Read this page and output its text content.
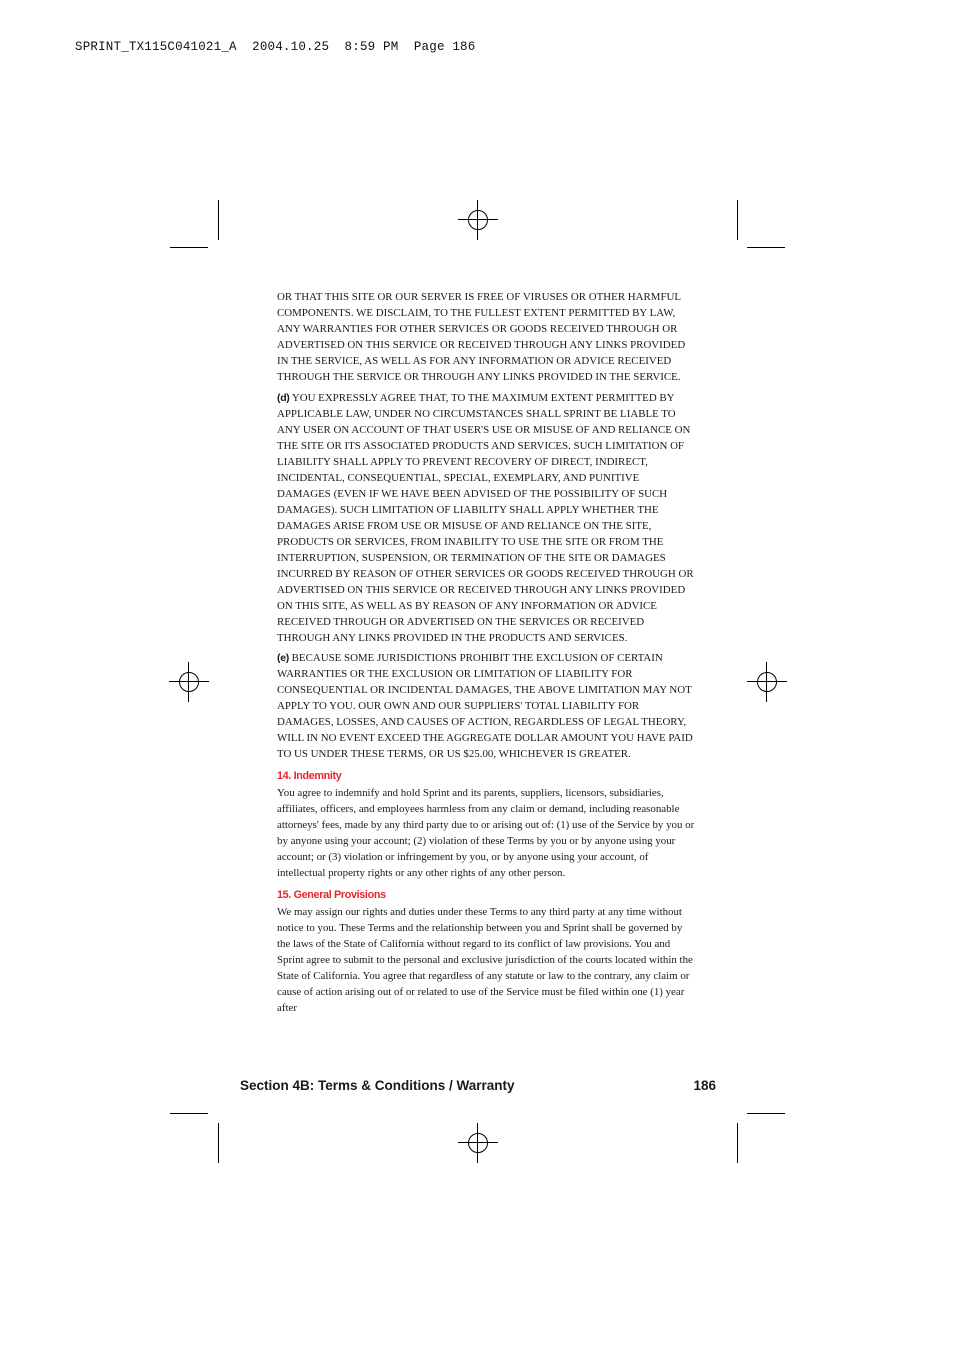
SPRINT_TX115C041021_A  2004.10.25  8:59 PM  Page 186

OR THAT THIS SITE OR OUR SERVER IS FREE OF VIRUSES OR OTHER HARMFUL COMPONENTS. WE DISCLAIM, TO THE FULLEST EXTENT PERMITTED BY LAW, ANY WARRANTIES FOR OTHER SERVICES OR GOODS RECEIVED THROUGH OR ADVERTISED ON THIS SERVICE OR RECEIVED THROUGH ANY LINKS PROVIDED IN THE SERVICE, AS WELL AS FOR ANY INFORMATION OR ADVICE RECEIVED THROUGH THE SERVICE OR THROUGH ANY LINKS PROVIDED IN THE SERVICE.

(d) YOU EXPRESSLY AGREE THAT, TO THE MAXIMUM EXTENT PERMITTED BY APPLICABLE LAW, UNDER NO CIRCUMSTANCES SHALL SPRINT BE LIABLE TO ANY USER ON ACCOUNT OF THAT USER'S USE OR MISUSE OF AND RELIANCE ON THE SITE OR ITS ASSOCIATED PRODUCTS AND SERVICES. SUCH LIMITATION OF LIABILITY SHALL APPLY TO PREVENT RECOVERY OF DIRECT, INDIRECT, INCIDENTAL, CONSEQUENTIAL, SPECIAL, EXEMPLARY, AND PUNITIVE DAMAGES (EVEN IF WE HAVE BEEN ADVISED OF THE POSSIBILITY OF SUCH DAMAGES). SUCH LIMITATION OF LIABILITY SHALL APPLY WHETHER THE DAMAGES ARISE FROM USE OR MISUSE OF AND RELIANCE ON THE SITE, PRODUCTS OR SERVICES, FROM INABILITY TO USE THE SITE OR FROM THE INTERRUPTION, SUSPENSION, OR TERMINATION OF THE SITE OR DAMAGES INCURRED BY REASON OF OTHER SERVICES OR GOODS RECEIVED THROUGH OR ADVERTISED ON THIS SERVICE OR RECEIVED THROUGH ANY LINKS PROVIDED ON THIS SITE, AS WELL AS BY REASON OF ANY INFORMATION OR ADVICE RECEIVED THROUGH OR ADVERTISED ON THE SERVICES OR RECEIVED THROUGH ANY LINKS PROVIDED IN THE PRODUCTS AND SERVICES.

(e) BECAUSE SOME JURISDICTIONS PROHIBIT THE EXCLUSION OF CERTAIN WARRANTIES OR THE EXCLUSION OR LIMITATION OF LIABILITY FOR CONSEQUENTIAL OR INCIDENTAL DAMAGES, THE ABOVE LIMITATION MAY NOT APPLY TO YOU. OUR OWN AND OUR SUPPLIERS' TOTAL LIABILITY FOR DAMAGES, LOSSES, AND CAUSES OF ACTION, REGARDLESS OF LEGAL THEORY, WILL IN NO EVENT EXCEED THE AGGREGATE DOLLAR AMOUNT YOU HAVE PAID TO US UNDER THESE TERMS, OR US $25.00, WHICHEVER IS GREATER.

14. Indemnity

You agree to indemnify and hold Sprint and its parents, suppliers, licensors, subsidiaries, affiliates, officers, and employees harmless from any claim or demand, including reasonable attorneys' fees, made by any third party due to or arising out of: (1) use of the Service by you or by anyone using your account; (2) violation of these Terms by you or by anyone using your account; or (3) violation or infringement by you, or by anyone using your account, of intellectual property rights or any other rights of any other person.

15. General Provisions

We may assign our rights and duties under these Terms to any third party at any time without notice to you. These Terms and the relationship between you and Sprint shall be governed by the laws of the State of California without regard to its conflict of law provisions. You and Sprint agree to submit to the personal and exclusive jurisdiction of the courts located within the State of California. You agree that regardless of any statute or law to the contrary, any claim or cause of action arising out of or related to use of the Service must be filed within one (1) year after

Section 4B: Terms & Conditions / Warranty	186
